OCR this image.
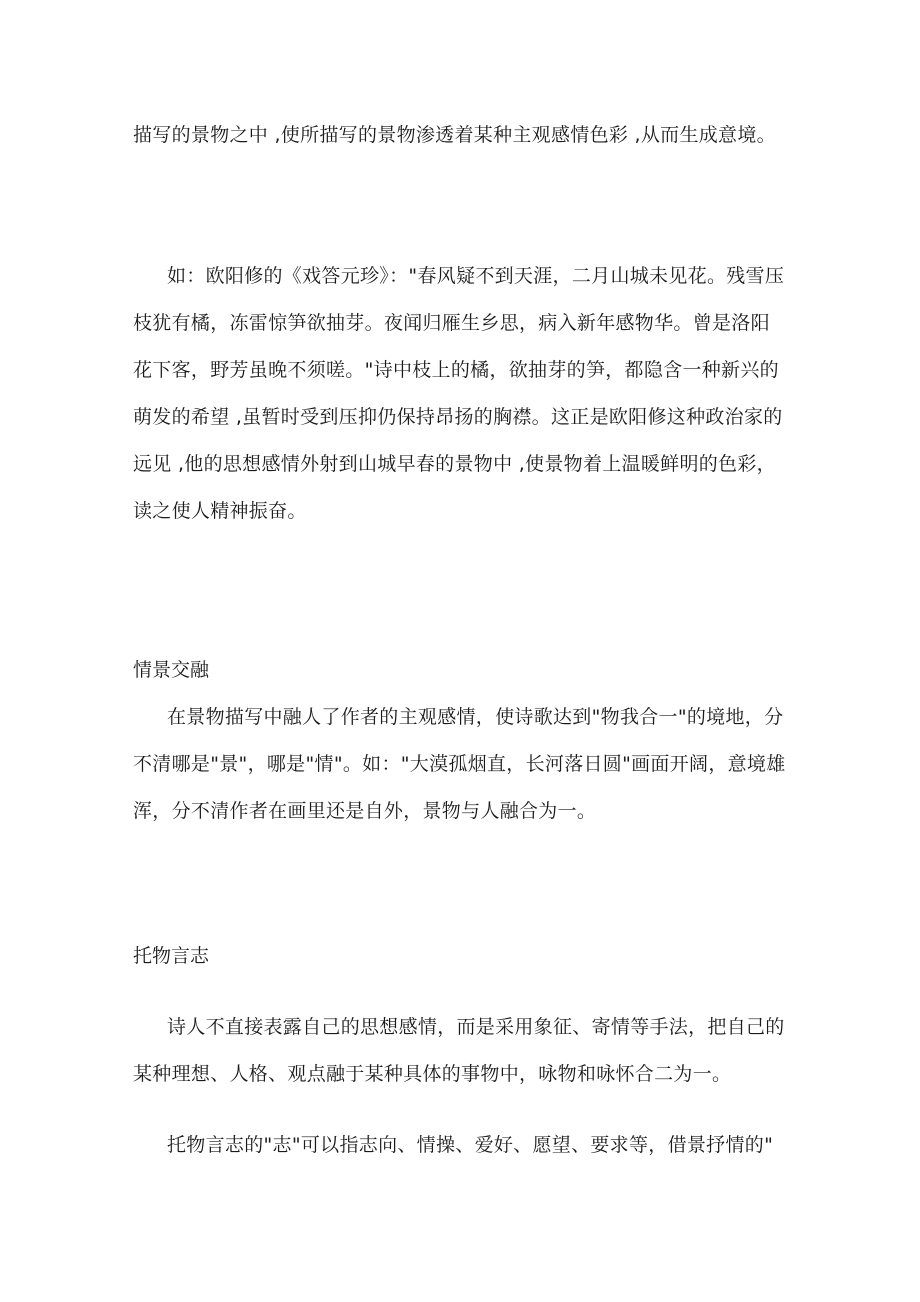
描写的景物之中 ,使所描写的景物渗透着某种主观感情色彩 ,从而生成意境。

如：欧阳修的《戏答元珍》："春风疑不到天涯，二月山城未见花。残雪压枝犹有橘，冻雷惊笋欲抽芽。夜闻归雁生乡思，病入新年感物华。曾是洛阳花下客，野芳虽晚不须嗟。"诗中枝上的橘，欲抽芽的笋，都隐含一种新兴的萌发的希望 ,虽暂时受到压抑仍保持昂扬的胸襟。这正是欧阳修这种政治家的远见 ,他的思想感情外射到山城早春的景物中 ,使景物着上温暖鲜明的色彩，读之使人精神振奋。

情景交融

在景物描写中融人了作者的主观感情，使诗歌达到"物我合一"的境地，分不清哪是"景"，哪是"情"。如："大漠孤烟直，长河落日圆"画面开阔，意境雄浑，分不清作者在画里还是自外，景物与人融合为一。

托物言志

诗人不直接表露自己的思想感情，而是采用象征、寄情等手法，把自己的某种理想、人格、观点融于某种具体的事物中，咏物和咏怀合二为一。

托物言志的"志"可以指志向、情操、爱好、愿望、要求等，借景抒情的"
